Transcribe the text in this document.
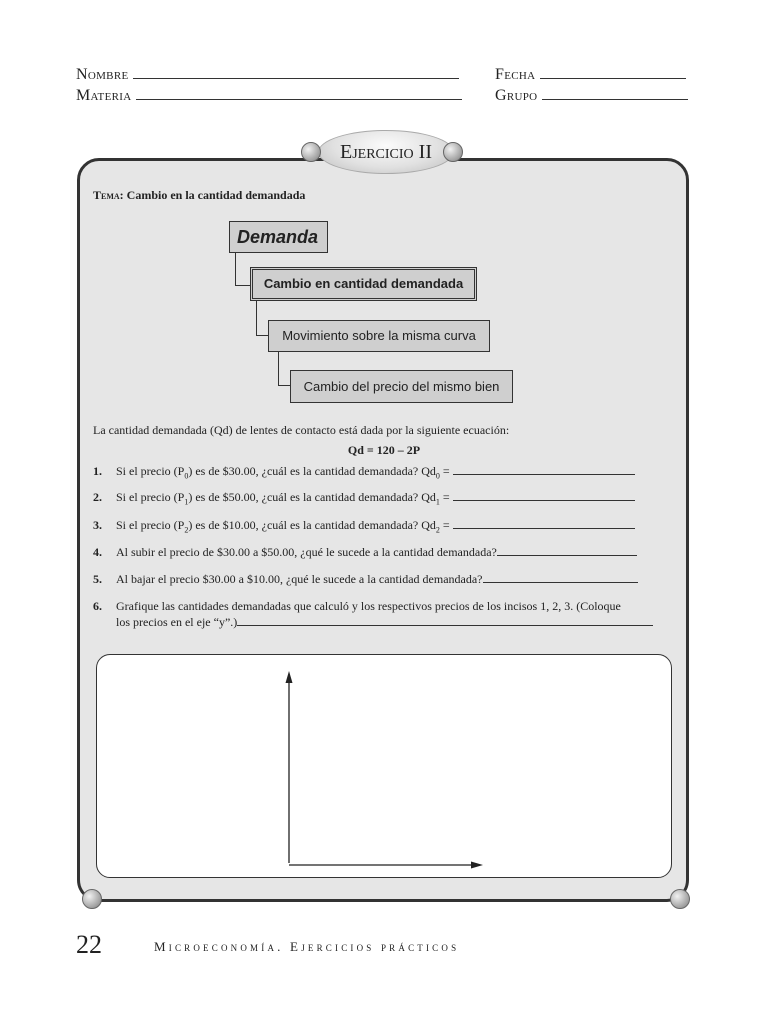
Nombre
Materia
Fecha
Grupo
Ejercicio II
Tema: Cambio en la cantidad demandada
Demanda
Cambio en cantidad demandada
Movimiento sobre la misma curva
Cambio del precio del mismo bien
La cantidad demandada (Qd) de lentes de contacto está dada por la siguiente ecuación:
Qd = 120 – 2P
1. Si el precio $(P_0)$ es de $30.00, ¿cuál es la cantidad demandada? $Qd_0$ =
2. Si el precio $(P_1)$ es de $50.00, ¿cuál es la cantidad demandada? $Qd_1$ =
3. Si el precio $(P_2)$ es de $10.00, ¿cuál es la cantidad demandada? $Qd_2$ =
4. Al subir el precio de $30.00 a $50.00, ¿qué le sucede a la cantidad demandada?
5. Al bajar el precio $30.00 a $10.00, ¿qué le sucede a la cantidad demandada?
6. Grafique las cantidades demandadas que calculó y los respectivos precios de los incisos 1, 2, 3. (Coloque
los precios en el eje “y”.)
22	Microeconomía. Ejercicios prácticos
